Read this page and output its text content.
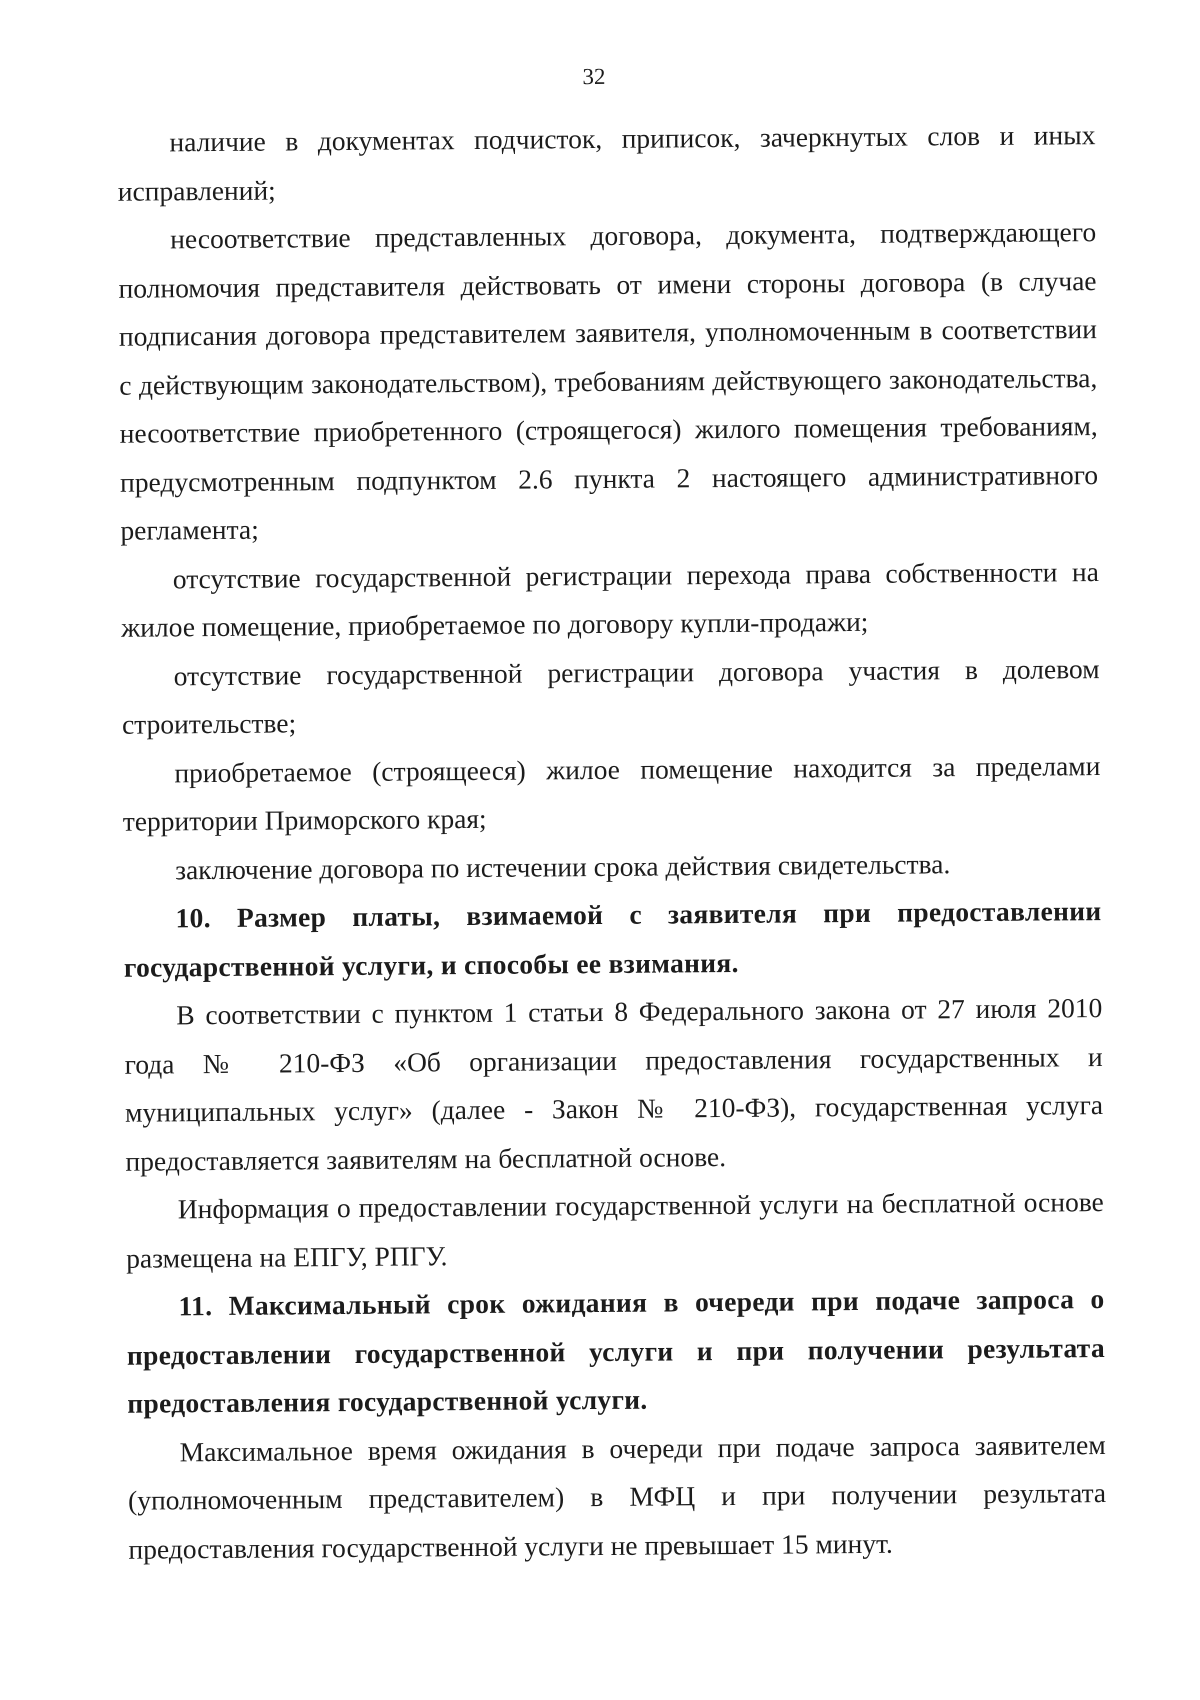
32

наличие в документах подчисток, приписок, зачеркнутых слов и иных исправлений;

несоответствие представленных договора, документа, подтверждающего полномочия представителя действовать от имени стороны договора (в случае подписания договора представителем заявителя, уполномоченным в соответствии с действующим законодательством), требованиям действующего законодательства, несоответствие приобретенного (строящегося) жилого помещения требованиям, предусмотренным подпунктом 2.6 пункта 2 настоящего административного регламента;

отсутствие государственной регистрации перехода права собственности на жилое помещение, приобретаемое по договору купли-продажи;

отсутствие государственной регистрации договора участия в долевом строительстве;

приобретаемое (строящееся) жилое помещение находится за пределами территории Приморского края;

заключение договора по истечении срока действия свидетельства.

10. Размер платы, взимаемой с заявителя при предоставлении государственной услуги, и способы ее взимания.

В соответствии с пунктом 1 статьи 8 Федерального закона от 27 июля 2010 года № 210-ФЗ «Об организации предоставления государственных и муниципальных услуг» (далее - Закон № 210-ФЗ), государственная услуга предоставляется заявителям на бесплатной основе.

Информация о предоставлении государственной услуги на бесплатной основе размещена на ЕПГУ, РПГУ.

11. Максимальный срок ожидания в очереди при подаче запроса о предоставлении государственной услуги и при получении результата предоставления государственной услуги.

Максимальное время ожидания в очереди при подаче запроса заявителем (уполномоченным представителем) в МФЦ и при получении результата предоставления государственной услуги не превышает 15 минут.
